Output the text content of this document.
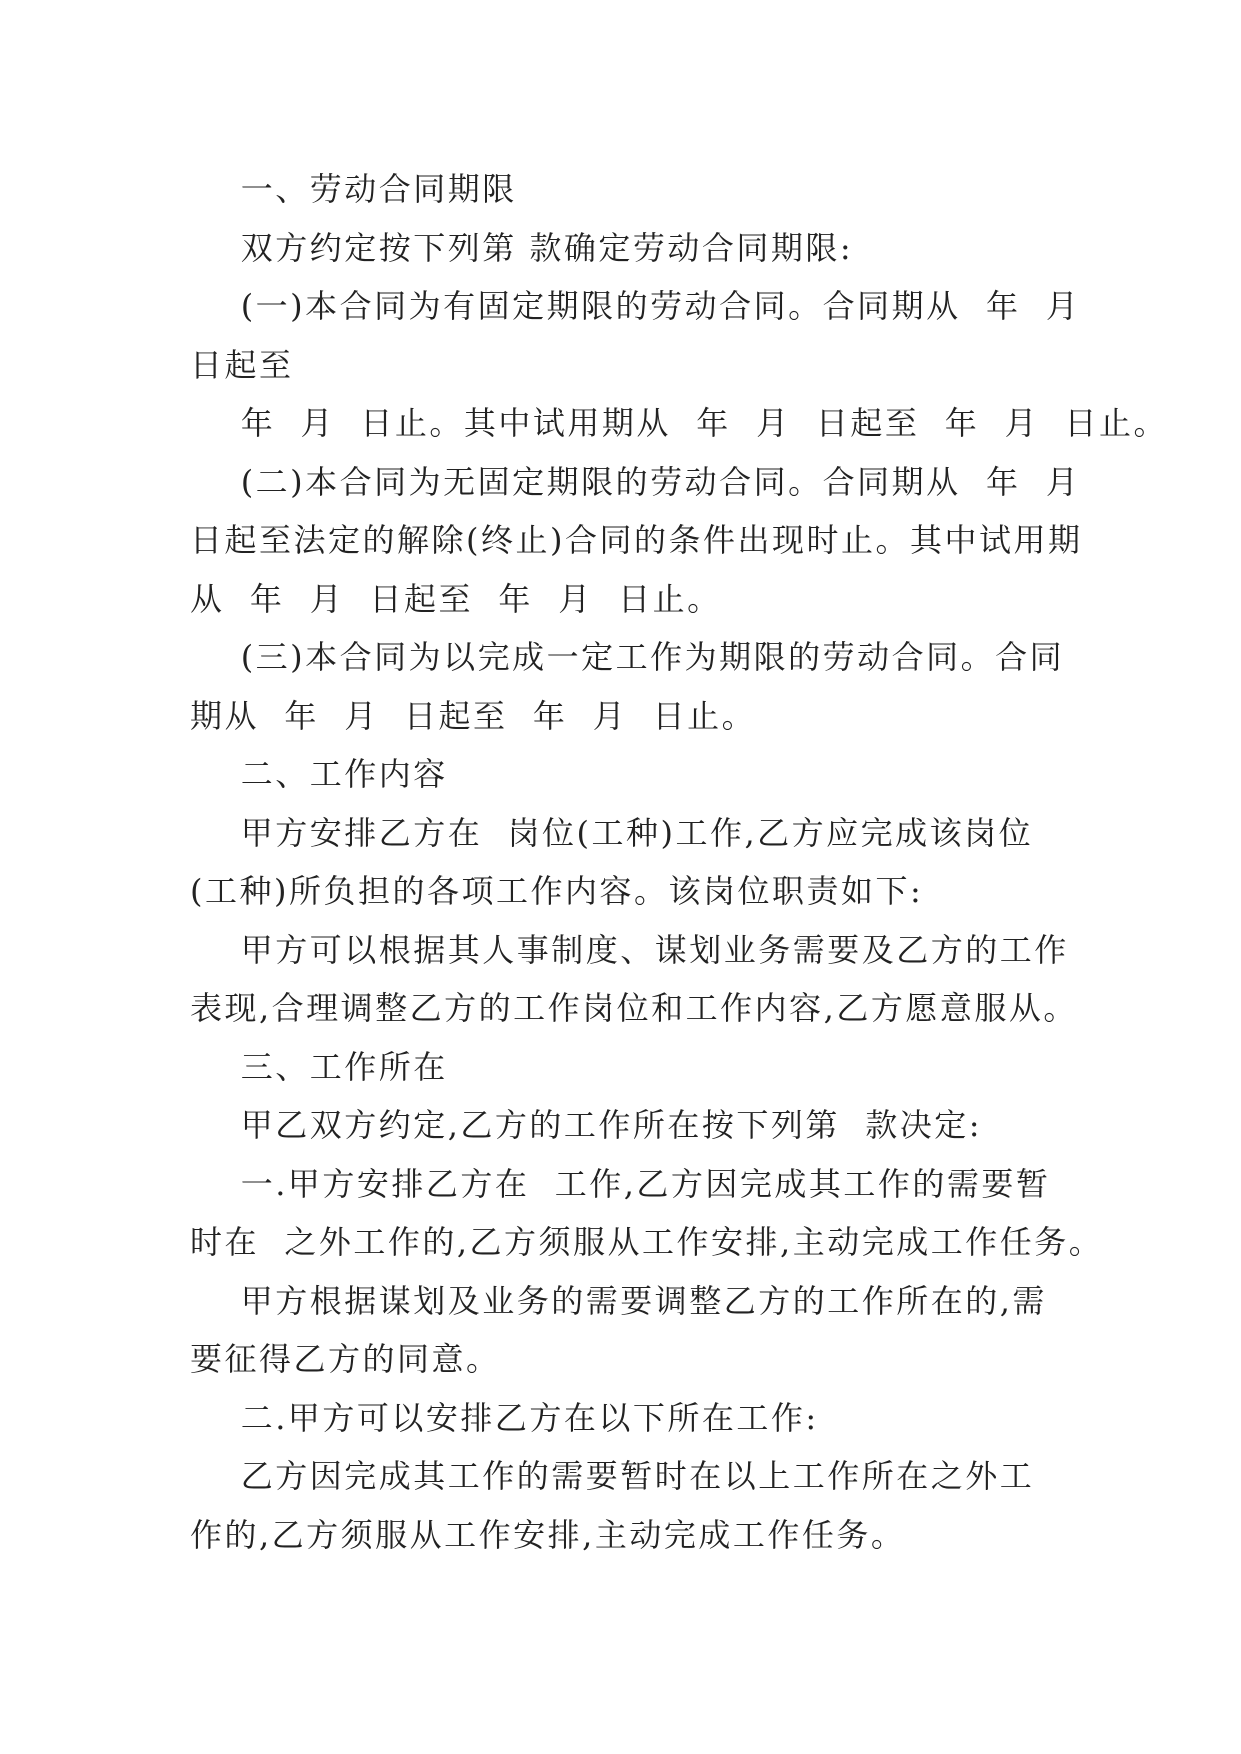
一、劳动合同期限
双方约定按下列第 款确定劳动合同期限:
(一)本合同为有固定期限的劳动合同。合同期从  年  月
日起至
年  月  日止。其中试用期从  年  月  日起至  年  月  日止。
(二)本合同为无固定期限的劳动合同。合同期从  年  月
日起至法定的解除(终止)合同的条件出现时止。其中试用期
从  年  月  日起至  年  月  日止。
(三)本合同为以完成一定工作为期限的劳动合同。合同
期从  年  月  日起至  年  月  日止。
二、工作内容
甲方安排乙方在  岗位(工种)工作,乙方应完成该岗位
(工种)所负担的各项工作内容。该岗位职责如下:
甲方可以根据其人事制度、谋划业务需要及乙方的工作
表现,合理调整乙方的工作岗位和工作内容,乙方愿意服从。
三、工作所在
甲乙双方约定,乙方的工作所在按下列第  款决定:
一.甲方安排乙方在  工作,乙方因完成其工作的需要暂
时在  之外工作的,乙方须服从工作安排,主动完成工作任务。
甲方根据谋划及业务的需要调整乙方的工作所在的,需
要征得乙方的同意。
二.甲方可以安排乙方在以下所在工作:
乙方因完成其工作的需要暂时在以上工作所在之外工
作的,乙方须服从工作安排,主动完成工作任务。
